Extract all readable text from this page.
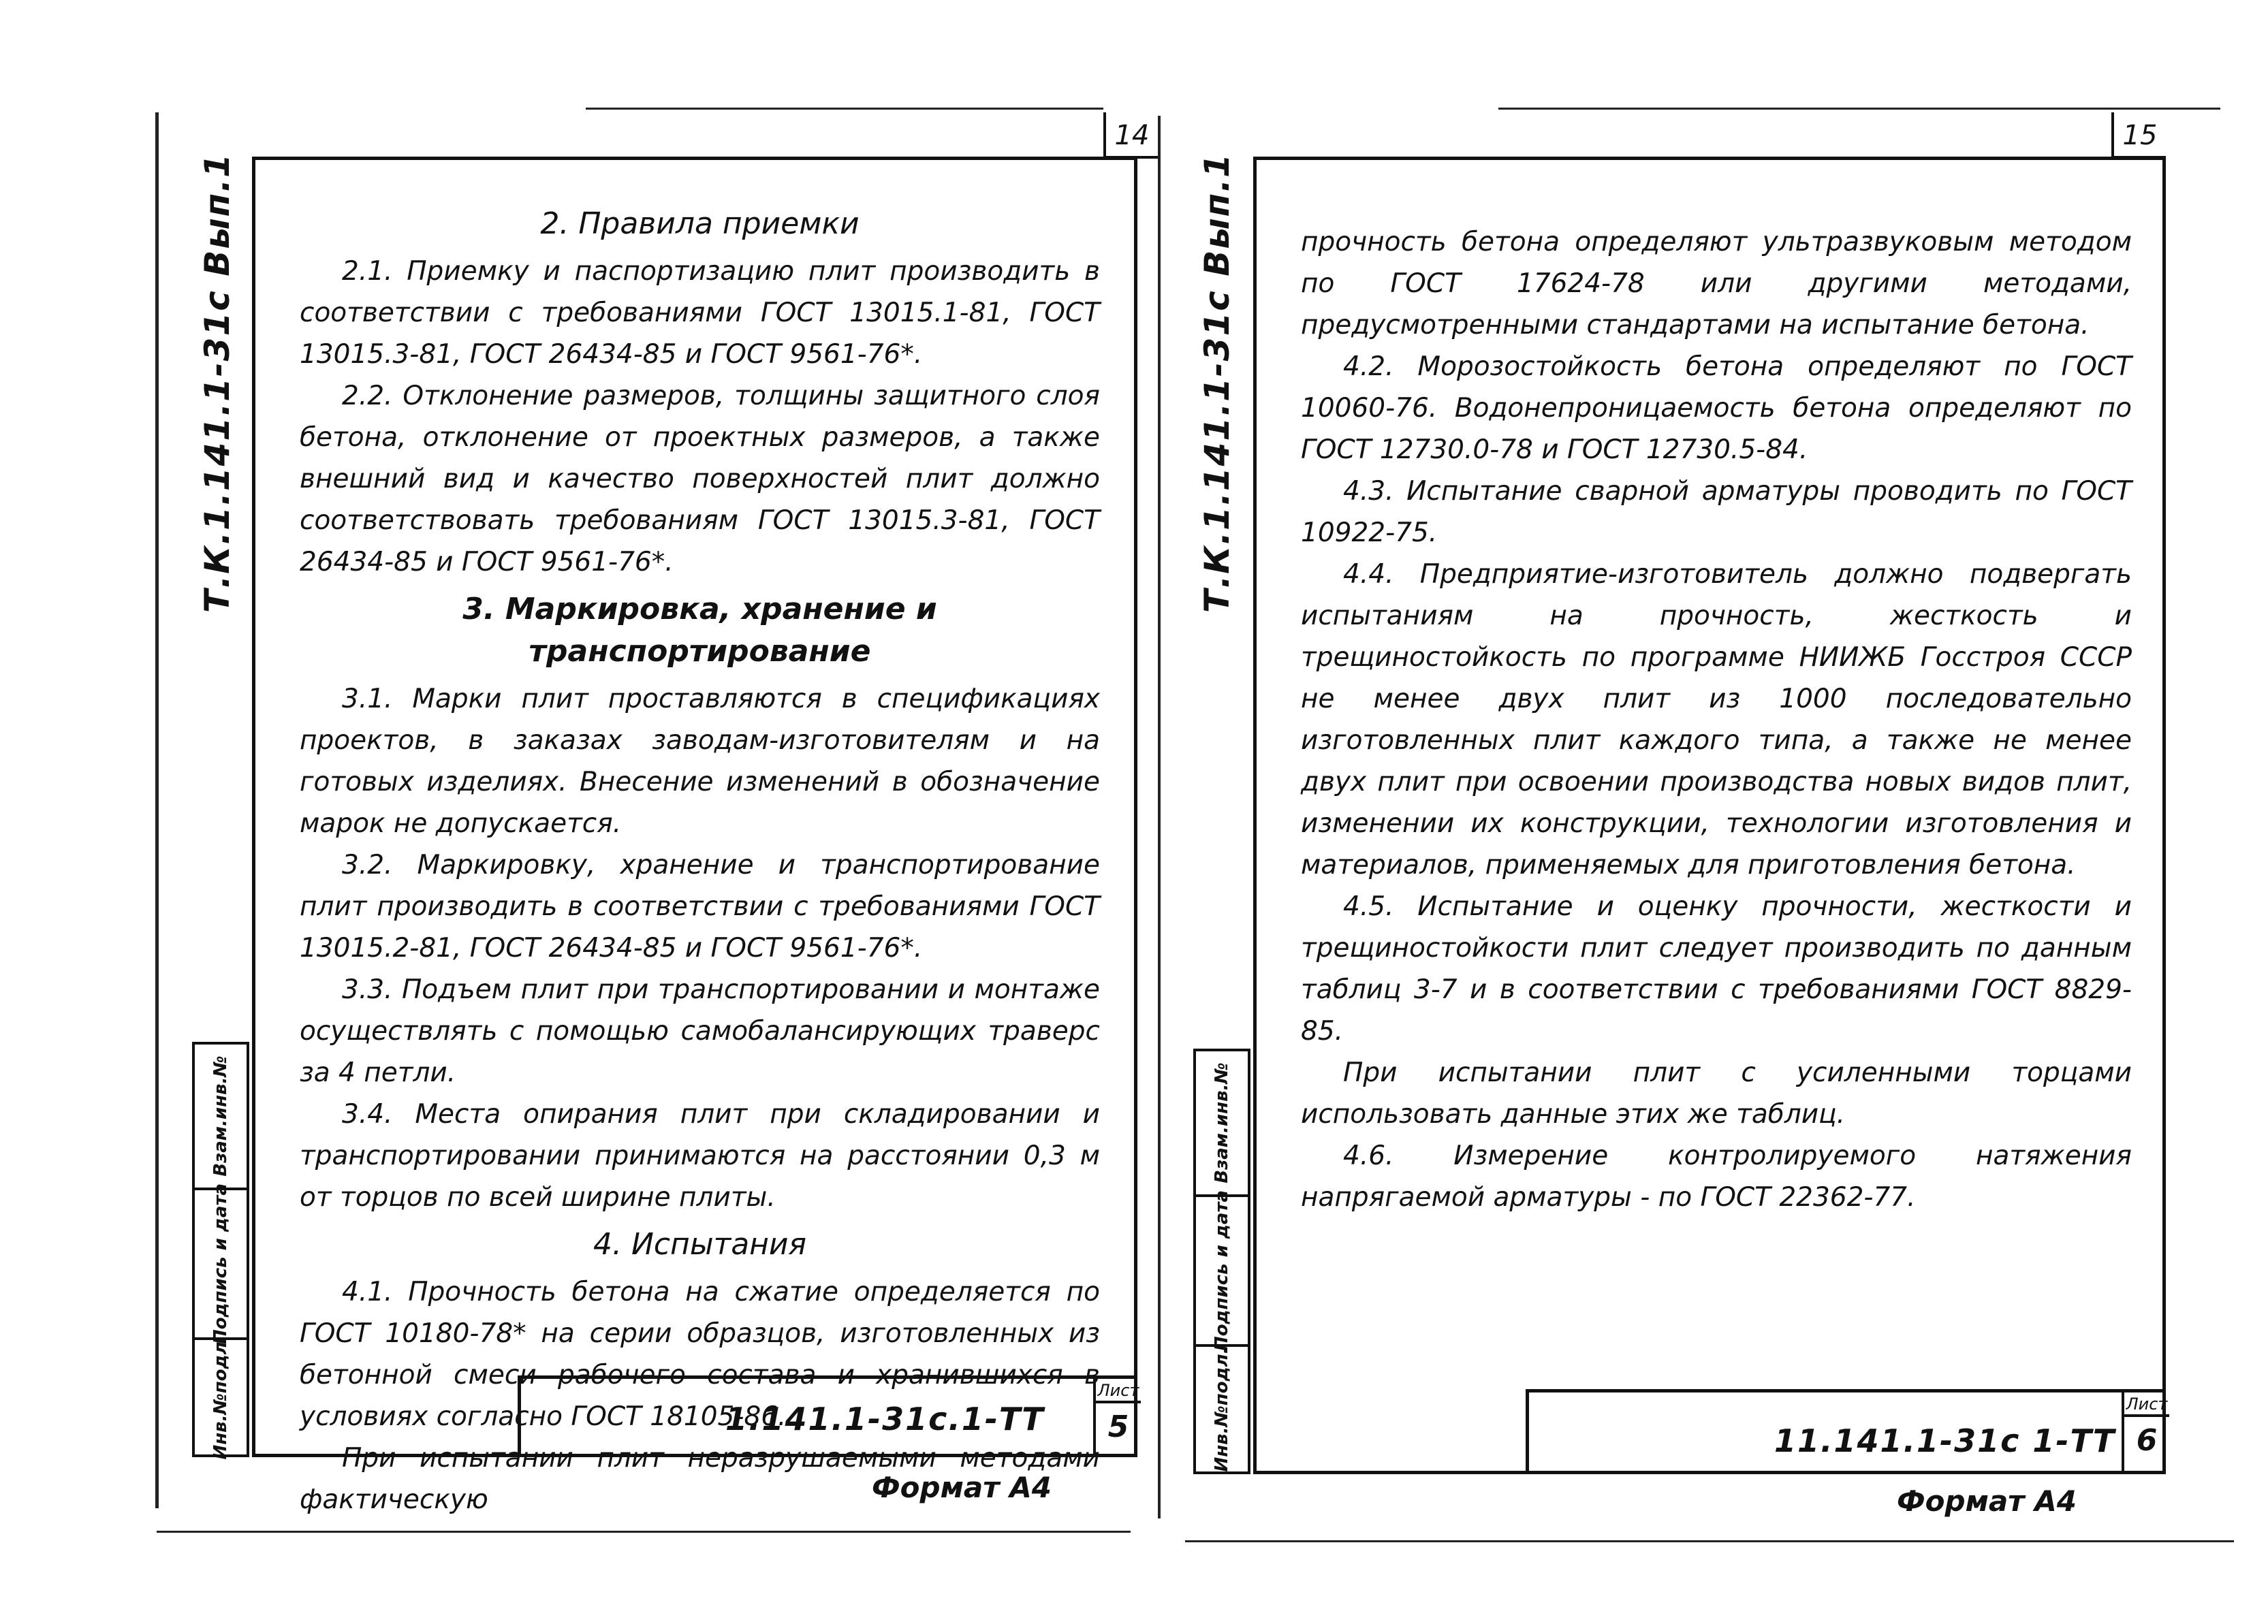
14
Т.К.1.141.1-31с Вып.1	2. Правила приемки

2.1. Приемку и паспортизацию плит производить в соответствии с требованиями ГОСТ 13015.1-81, ГОСТ 13015.3-81, ГОСТ 26434-85 и ГОСТ 9561-76*.

2.2. Отклонение размеров, толщины защитного слоя бетона, отклонение от проектных размеров, а также внешний вид и качество поверхностей плит должно соответствовать требованиям ГОСТ 13015.3-81, ГОСТ 26434-85 и ГОСТ 9561-76*.

3. Маркировка, хранение и транспортирование

3.1. Марки плит проставляются в спецификациях проектов, в заказах заводам-изготовителям и на готовых изделиях. Внесение изменений в обозначение марок не допускается.

3.2. Маркировку, хранение и транспортирование плит производить в соответствии с требованиями ГОСТ 13015.2-81, ГОСТ 26434-85 и ГОСТ 9561-76*.

3.3. Подъем плит при транспортировании и монтаже осуществлять с помощью самобалансирующих траверс за 4 петли.

3.4. Места опирания плит при складировании и транспортировании принимаются на расстоянии 0,3 м от торцов по всей ширине плиты.

4. Испытания

4.1. Прочность бетона на сжатие определяется по ГОСТ 10180-78* на серии образцов, изготовленных из бетонной смеси рабочего состава и хранившихся в условиях согласно ГОСТ 18105-86.

При испытании плит неразрушаемыми методами фактическую

Взам.инв.№
Подпись и дата
Инв.№подл.	1.141.1-31с.1-ТТ
Лист
5
Формат А4
15
Т.К.1.141.1-31с Вып.1 прочность бетона определяют ультразвуковым методом по ГОСТ 17624-78 или другими методами, предусмотренными стандартами на испытание бетона.

4.2. Морозостойкость бетона определяют по ГОСТ 10060-76. Водонепроницаемость бетона определяют по ГОСТ 12730.0-78 и ГОСТ 12730.5-84.

4.3. Испытание сварной арматуры проводить по ГОСТ 10922-75.

4.4. Предприятие-изготовитель должно подвергать испытаниям на прочность, жесткость и трещиностойкость по программе НИИЖБ Госстроя СССР не менее двух плит из 1000 последовательно изготовленных плит каждого типа, а также не менее двух плит при освоении производства новых видов плит, изменении их конструкции, технологии изготовления и материалов, применяемых для приготовления бетона.

4.5. Испытание и оценку прочности, жесткости и трещиностойкости плит следует производить по данным таблиц 3-7 и в соответствии с требованиями ГОСТ 8829-85.

При испытании плит с усиленными торцами использовать данные этих же таблиц.

4.6. Измерение контролируемого натяжения напрягаемой арматуры - по ГОСТ 22362-77.

Взам.инв.№
Подпись и дата
Инв.№подл.	11.141.1-31с 1-ТТ
Лист
6
Формат А4
